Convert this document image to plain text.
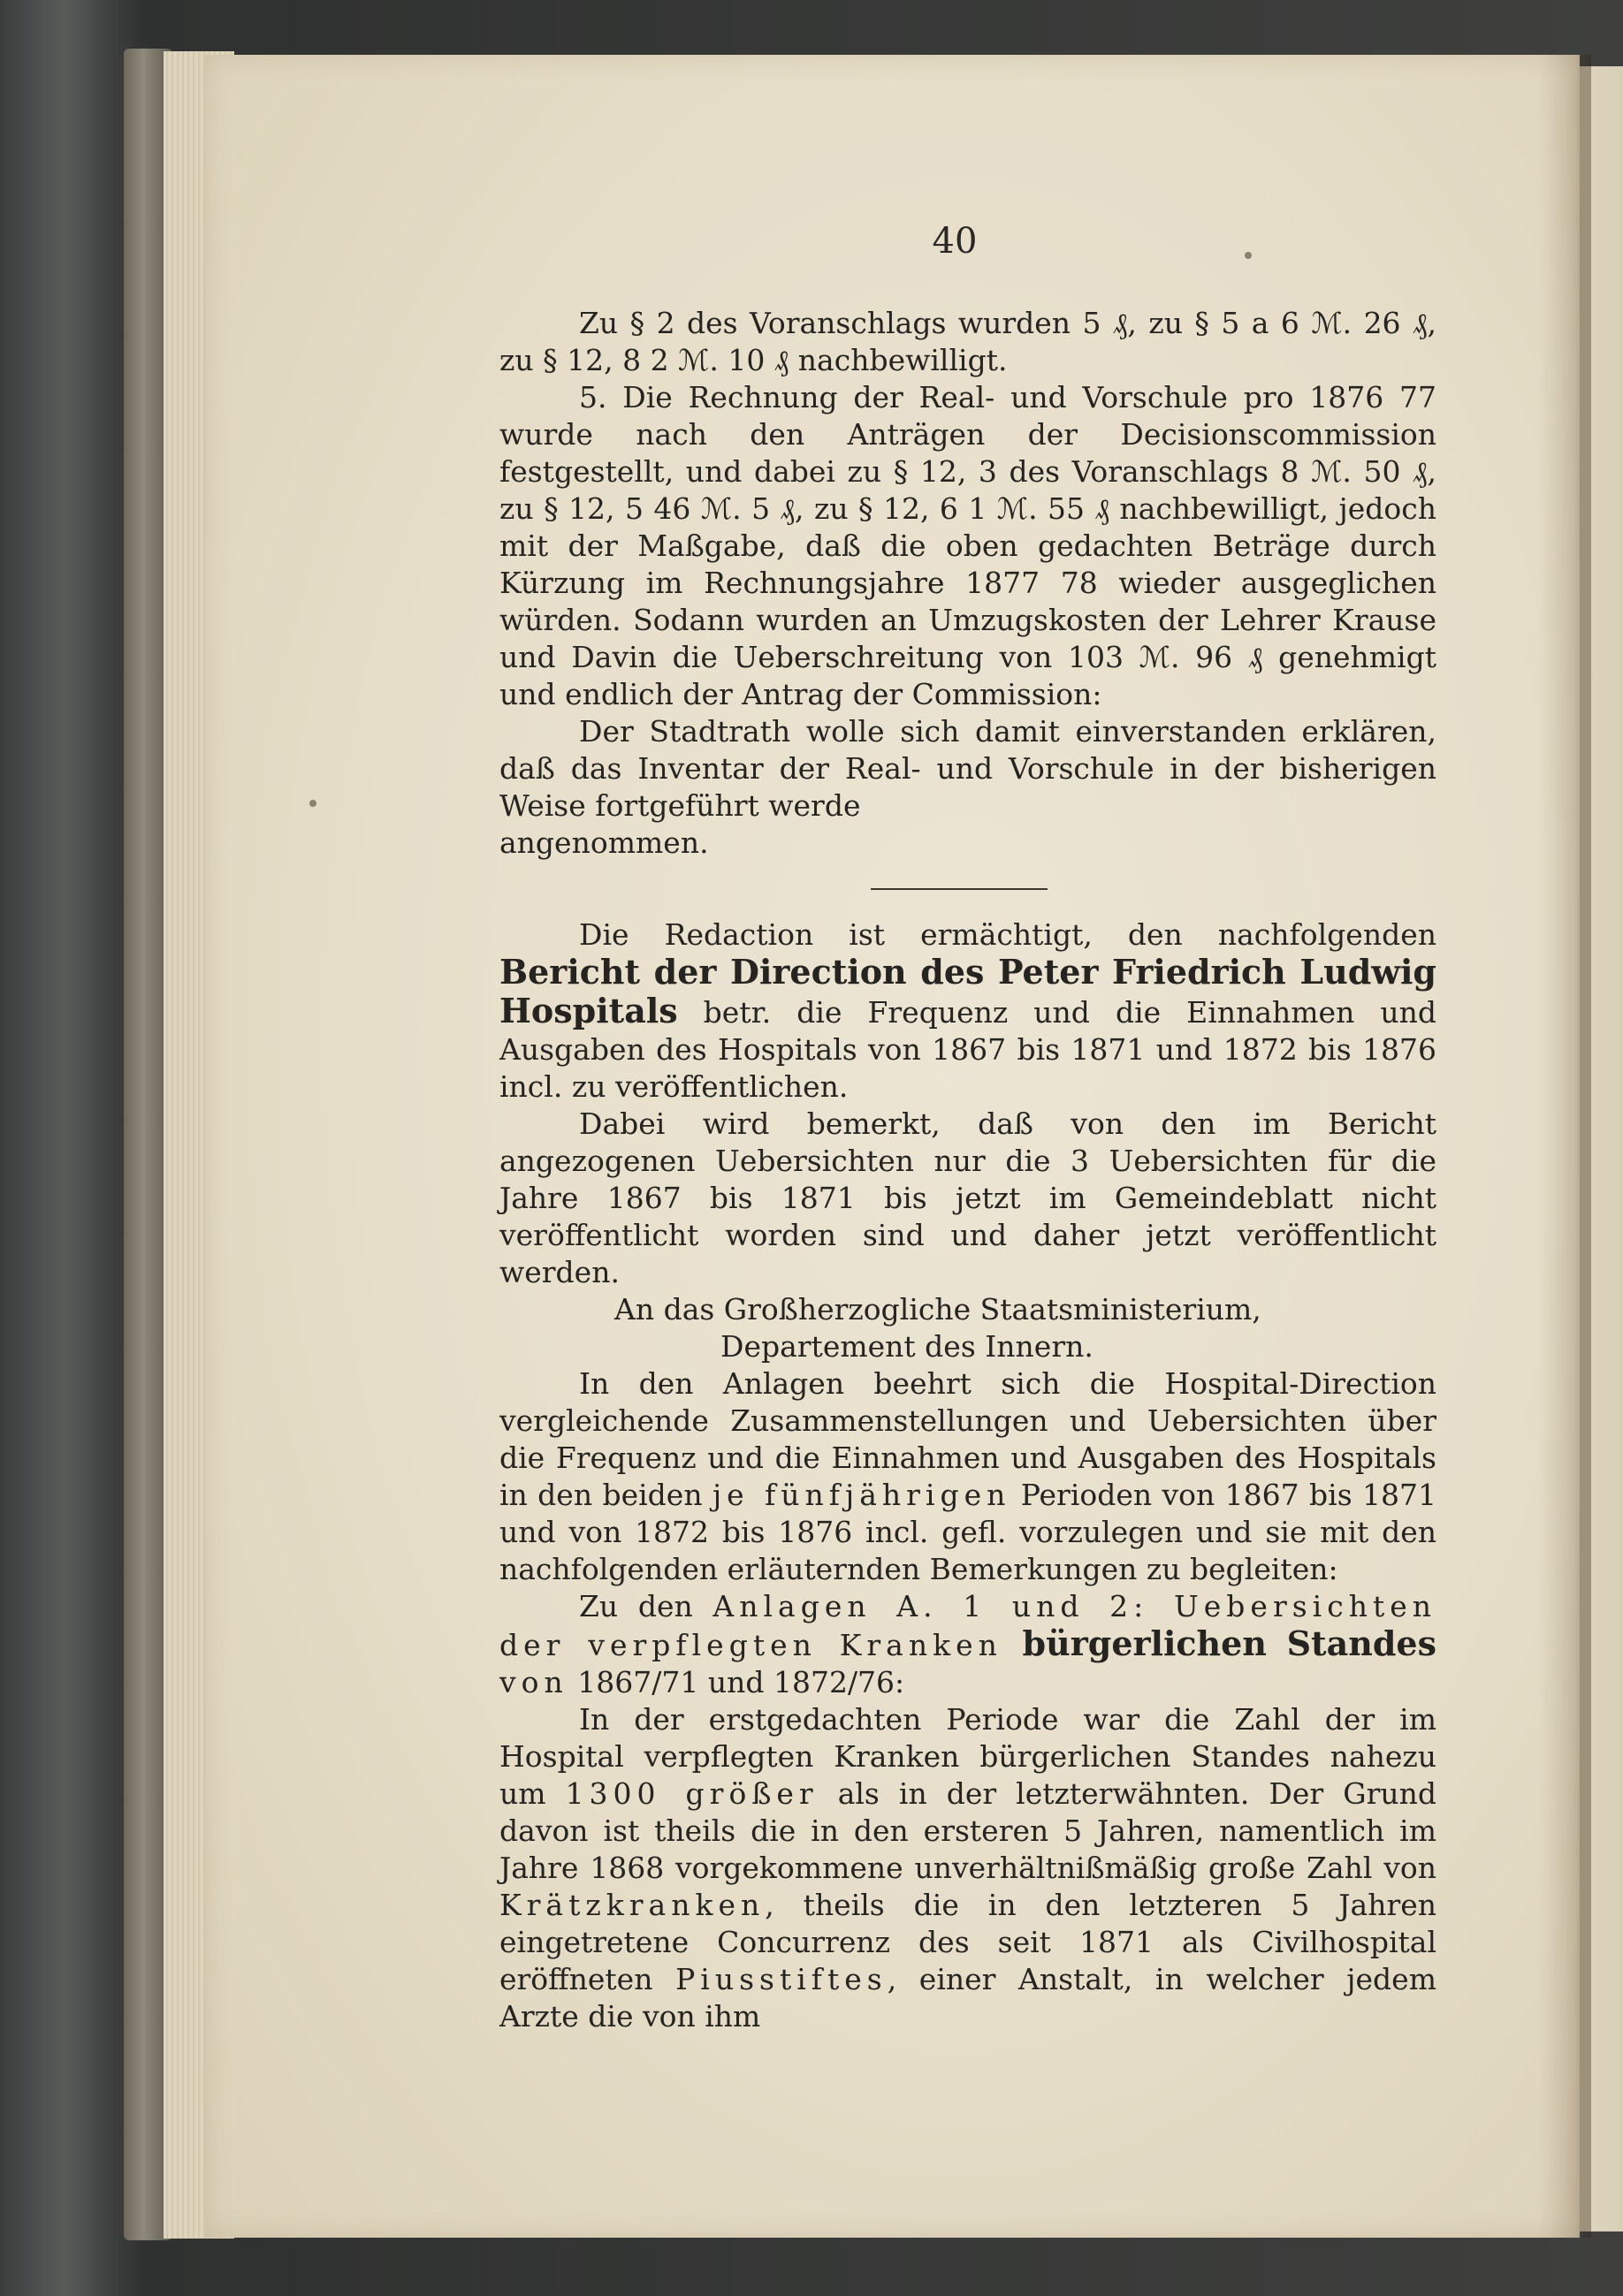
40

Zu § 2 des Voranschlags wurden 5 ₰, zu § 5 a 6 ℳ. 26 ₰, zu § 12, 8 2 ℳ. 10 ₰ nachbewilligt.

5. Die Rechnung der Real- und Vorschule pro 1876 77 wurde nach den Anträgen der Decisionscommission festgestellt, und dabei zu § 12, 3 des Voranschlags 8 ℳ. 50 ₰, zu § 12, 5 46 ℳ. 5 ₰, zu § 12, 6 1 ℳ. 55 ₰ nachbewilligt, jedoch mit der Maßgabe, daß die oben gedachten Beträge durch Kürzung im Rechnungsjahre 1877 78 wieder ausgeglichen würden. Sodann wurden an Umzugskosten der Lehrer Krause und Davin die Ueberschreitung von 103 ℳ. 96 ₰ genehmigt und endlich der Antrag der Commission:

Der Stadtrath wolle sich damit einverstanden erklären, daß das Inventar der Real- und Vorschule in der bisherigen Weise fortgeführt werde

angenommen.

Die Redaction ist ermächtigt, den nachfolgenden Bericht der Direction des Peter Friedrich Ludwig Hospitals betr. die Frequenz und die Einnahmen und Ausgaben des Hospitals von 1867 bis 1871 und 1872 bis 1876 incl. zu veröffentlichen.

Dabei wird bemerkt, daß von den im Bericht angezogenen Uebersichten nur die 3 Uebersichten für die Jahre 1867 bis 1871 bis jetzt im Gemeindeblatt nicht veröffentlicht worden sind und daher jetzt veröffentlicht werden.

An das Großherzogliche Staatsministerium,

Departement des Innern.

In den Anlagen beehrt sich die Hospital-Direction vergleichende Zusammenstellungen und Uebersichten über die Frequenz und die Einnahmen und Ausgaben des Hospitals in den beiden je fünfjährigen Perioden von 1867 bis 1871 und von 1872 bis 1876 incl. gefl. vorzulegen und sie mit den nachfolgenden erläuternden Bemerkungen zu begleiten:

Zu den Anlagen A. 1 und 2: Uebersichten der verpflegten Kranken bürgerlichen Standes von 1867/71 und 1872/76:

In der erstgedachten Periode war die Zahl der im Hospital verpflegten Kranken bürgerlichen Standes nahezu um 1300 größer als in der letzterwähnten. Der Grund davon ist theils die in den ersteren 5 Jahren, namentlich im Jahre 1868 vorgekommene unverhältnißmäßig große Zahl von Krätzkranken, theils die in den letzteren 5 Jahren eingetretene Concurrenz des seit 1871 als Civilhospital eröffneten Piusstiftes, einer Anstalt, in welcher jedem Arzte die von ihm
